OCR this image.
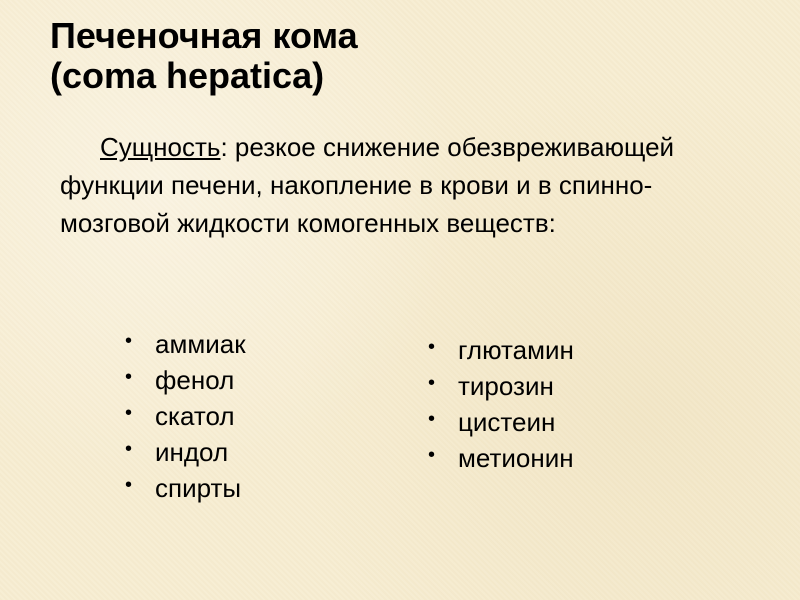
Печеночная кома
(coma hepatica)

Сущность: резкое снижение обезвреживающей функции печени, накопление в крови и в спинно-мозговой жидкости комогенных веществ:

• аммиак
• фенол
• скатол
• индол
• спирты
• глютамин
• тирозин
• цистеин
• метионин
